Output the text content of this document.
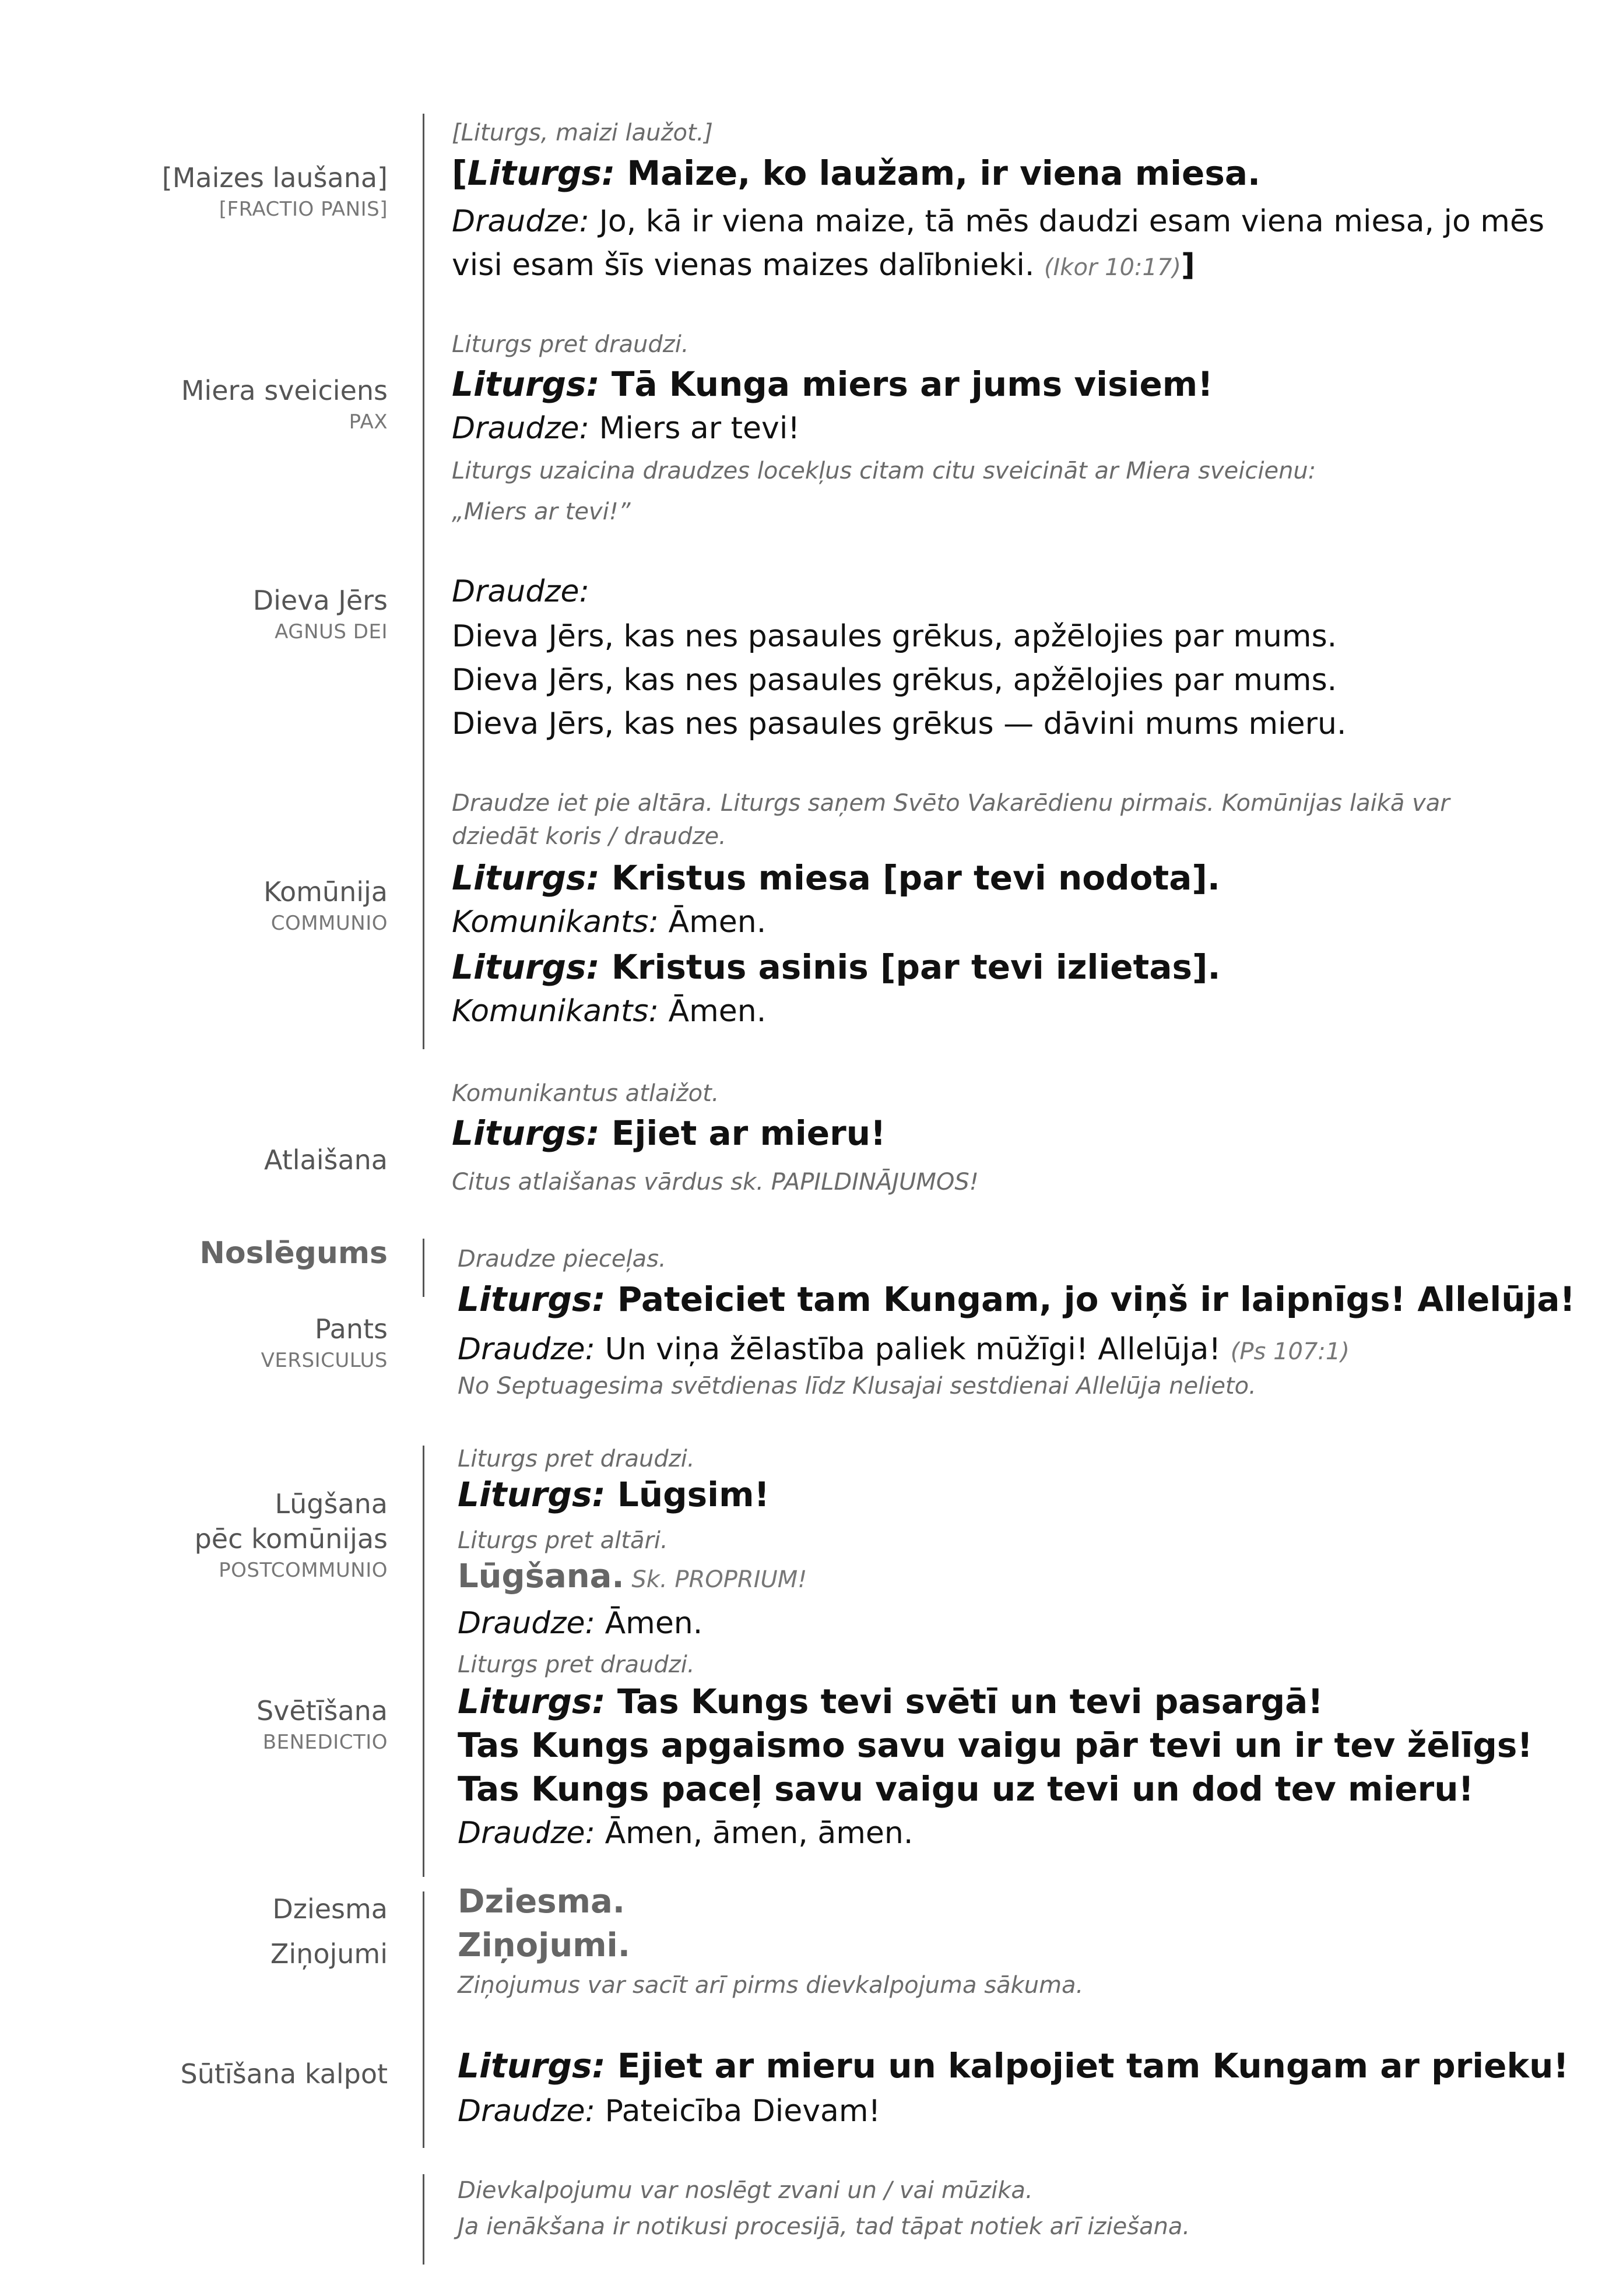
[Maizes laušana]
[FRACTIO PANIS]
Miera sveiciens
PAX
Dieva Jērs
AGNUS DEI
Komūnija
COMMUNIO
Atlaišana
Noslēgums
Pants
VERSICULUS
Lūgšana
pēc komūnijas
POSTCOMMUNIO
Svētīšana
BENEDICTIO
Dziesma
Ziņojumi
Sūtīšana kalpot
[Liturgs, maizi laužot.]
[Liturgs: Maize, ko laužam, ir viena miesa.
Draudze: Jo, kā ir viena maize, tā mēs daudzi esam viena miesa, jo mēs
visi esam šīs vienas maizes dalībnieki. (Ikor 10:17)]
Liturgs pret draudzi.
Liturgs: Tā Kunga miers ar jums visiem!
Draudze: Miers ar tevi!
Liturgs uzaicina draudzes locekļus citam citu sveicināt ar Miera sveicienu:
„Miers ar tevi!”
Draudze:
Dieva Jērs, kas nes pasaules grēkus, apžēlojies par mums.
Dieva Jērs, kas nes pasaules grēkus, apžēlojies par mums.
Dieva Jērs, kas nes pasaules grēkus — dāvini mums mieru.
Draudze iet pie altāra. Liturgs saņem Svēto Vakarēdienu pirmais. Komūnijas laikā var
dziedāt koris / draudze.
Liturgs: Kristus miesa [par tevi nodota].
Komunikants: Āmen.
Liturgs: Kristus asinis [par tevi izlietas].
Komunikants: Āmen.
Komunikantus atlaižot.
Liturgs: Ejiet ar mieru!
Citus atlaišanas vārdus sk. PAPILDINĀJUMOS!
Draudze pieceļas.
Liturgs: Pateiciet tam Kungam, jo viņš ir laipnīgs! Allelūja!
Draudze: Un viņa žēlastība paliek mūžīgi! Allelūja! (Ps 107:1)
No Septuagesima svētdienas līdz Klusajai sestdienai Allelūja nelieto.
Liturgs pret draudzi.
Liturgs: Lūgsim!
Liturgs pret altāri.
Lūgšana. Sk. PROPRIUM!
Draudze: Āmen.
Liturgs pret draudzi.
Liturgs: Tas Kungs tevi svētī un tevi pasargā!
Tas Kungs apgaismo savu vaigu pār tevi un ir tev žēlīgs!
Tas Kungs paceļ savu vaigu uz tevi un dod tev mieru!
Draudze: Āmen, āmen, āmen.
Dziesma.
Ziņojumi.
Ziņojumus var sacīt arī pirms dievkalpojuma sākuma.
Liturgs: Ejiet ar mieru un kalpojiet tam Kungam ar prieku!
Draudze: Pateicība Dievam!
Dievkalpojumu var noslēgt zvani un / vai mūzika.
Ja ienākšana ir notikusi procesijā, tad tāpat notiek arī iziešana.
